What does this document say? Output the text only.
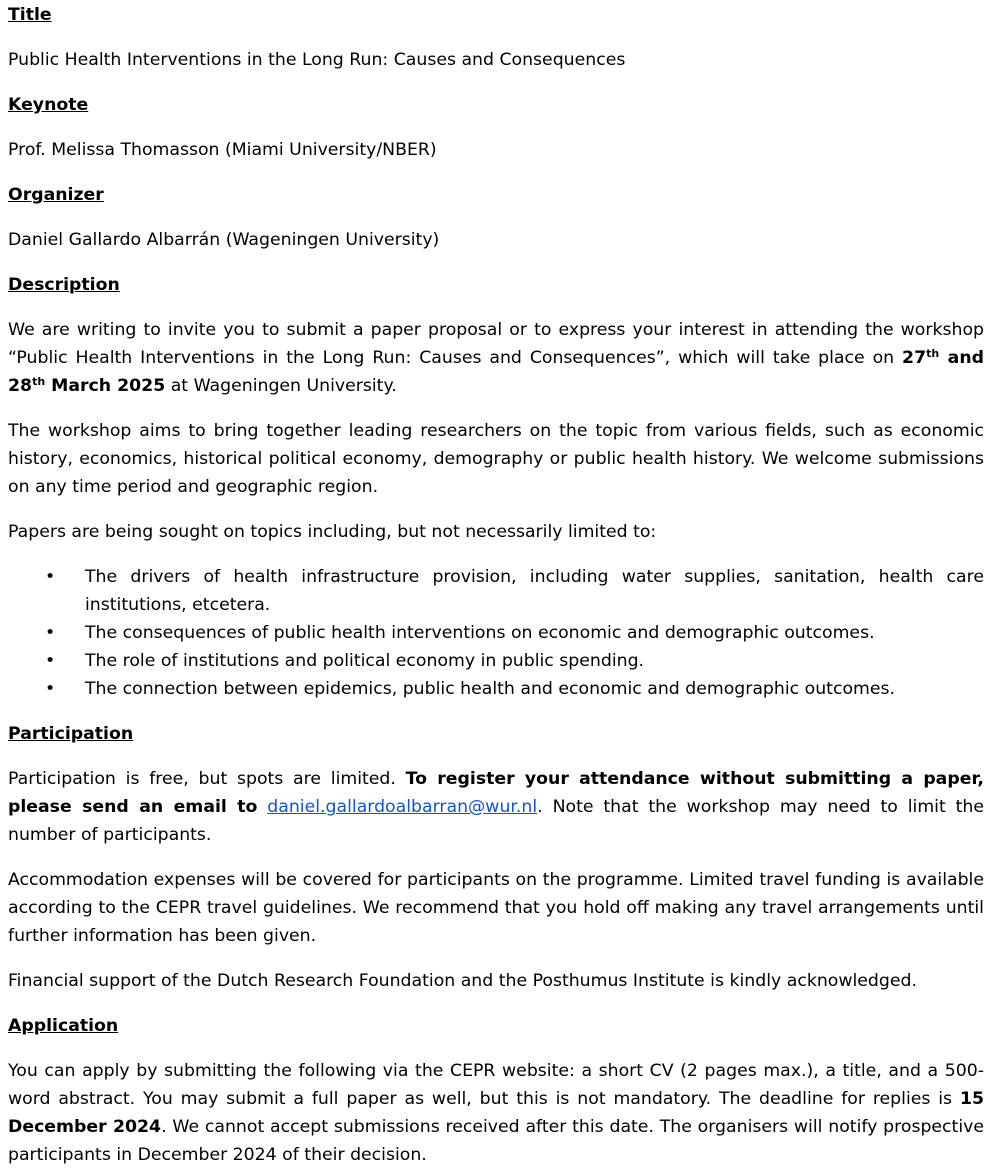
Title

Public Health Interventions in the Long Run: Causes and Consequences

Keynote

Prof. Melissa Thomasson (Miami University/NBER)

Organizer

Daniel Gallardo Albarrán (Wageningen University)

Description

We are writing to invite you to submit a paper proposal or to express your interest in attending the workshop “Public Health Interventions in the Long Run: Causes and Consequences”, which will take place on 27th and 28th March 2025 at Wageningen University.

The workshop aims to bring together leading researchers on the topic from various fields, such as economic history, economics, historical political economy, demography or public health history. We welcome submissions on any time period and geographic region.

Papers are being sought on topics including, but not necessarily limited to:

• The drivers of health infrastructure provision, including water supplies, sanitation, health care institutions, etcetera.
• The consequences of public health interventions on economic and demographic outcomes.
• The role of institutions and political economy in public spending.
• The connection between epidemics, public health and economic and demographic outcomes.
Participation

Participation is free, but spots are limited. To register your attendance without submitting a paper, please send an email to daniel.gallardoalbarran@wur.nl. Note that the workshop may need to limit the number of participants.

Accommodation expenses will be covered for participants on the programme. Limited travel funding is available according to the CEPR travel guidelines. We recommend that you hold off making any travel arrangements until further information has been given.

Financial support of the Dutch Research Foundation and the Posthumus Institute is kindly acknowledged.

Application

You can apply by submitting the following via the CEPR website: a short CV (2 pages max.), a title, and a 500-word abstract. You may submit a full paper as well, but this is not mandatory. The deadline for replies is 15 December 2024. We cannot accept submissions received after this date. The organisers will notify prospective participants in December 2024 of their decision.
